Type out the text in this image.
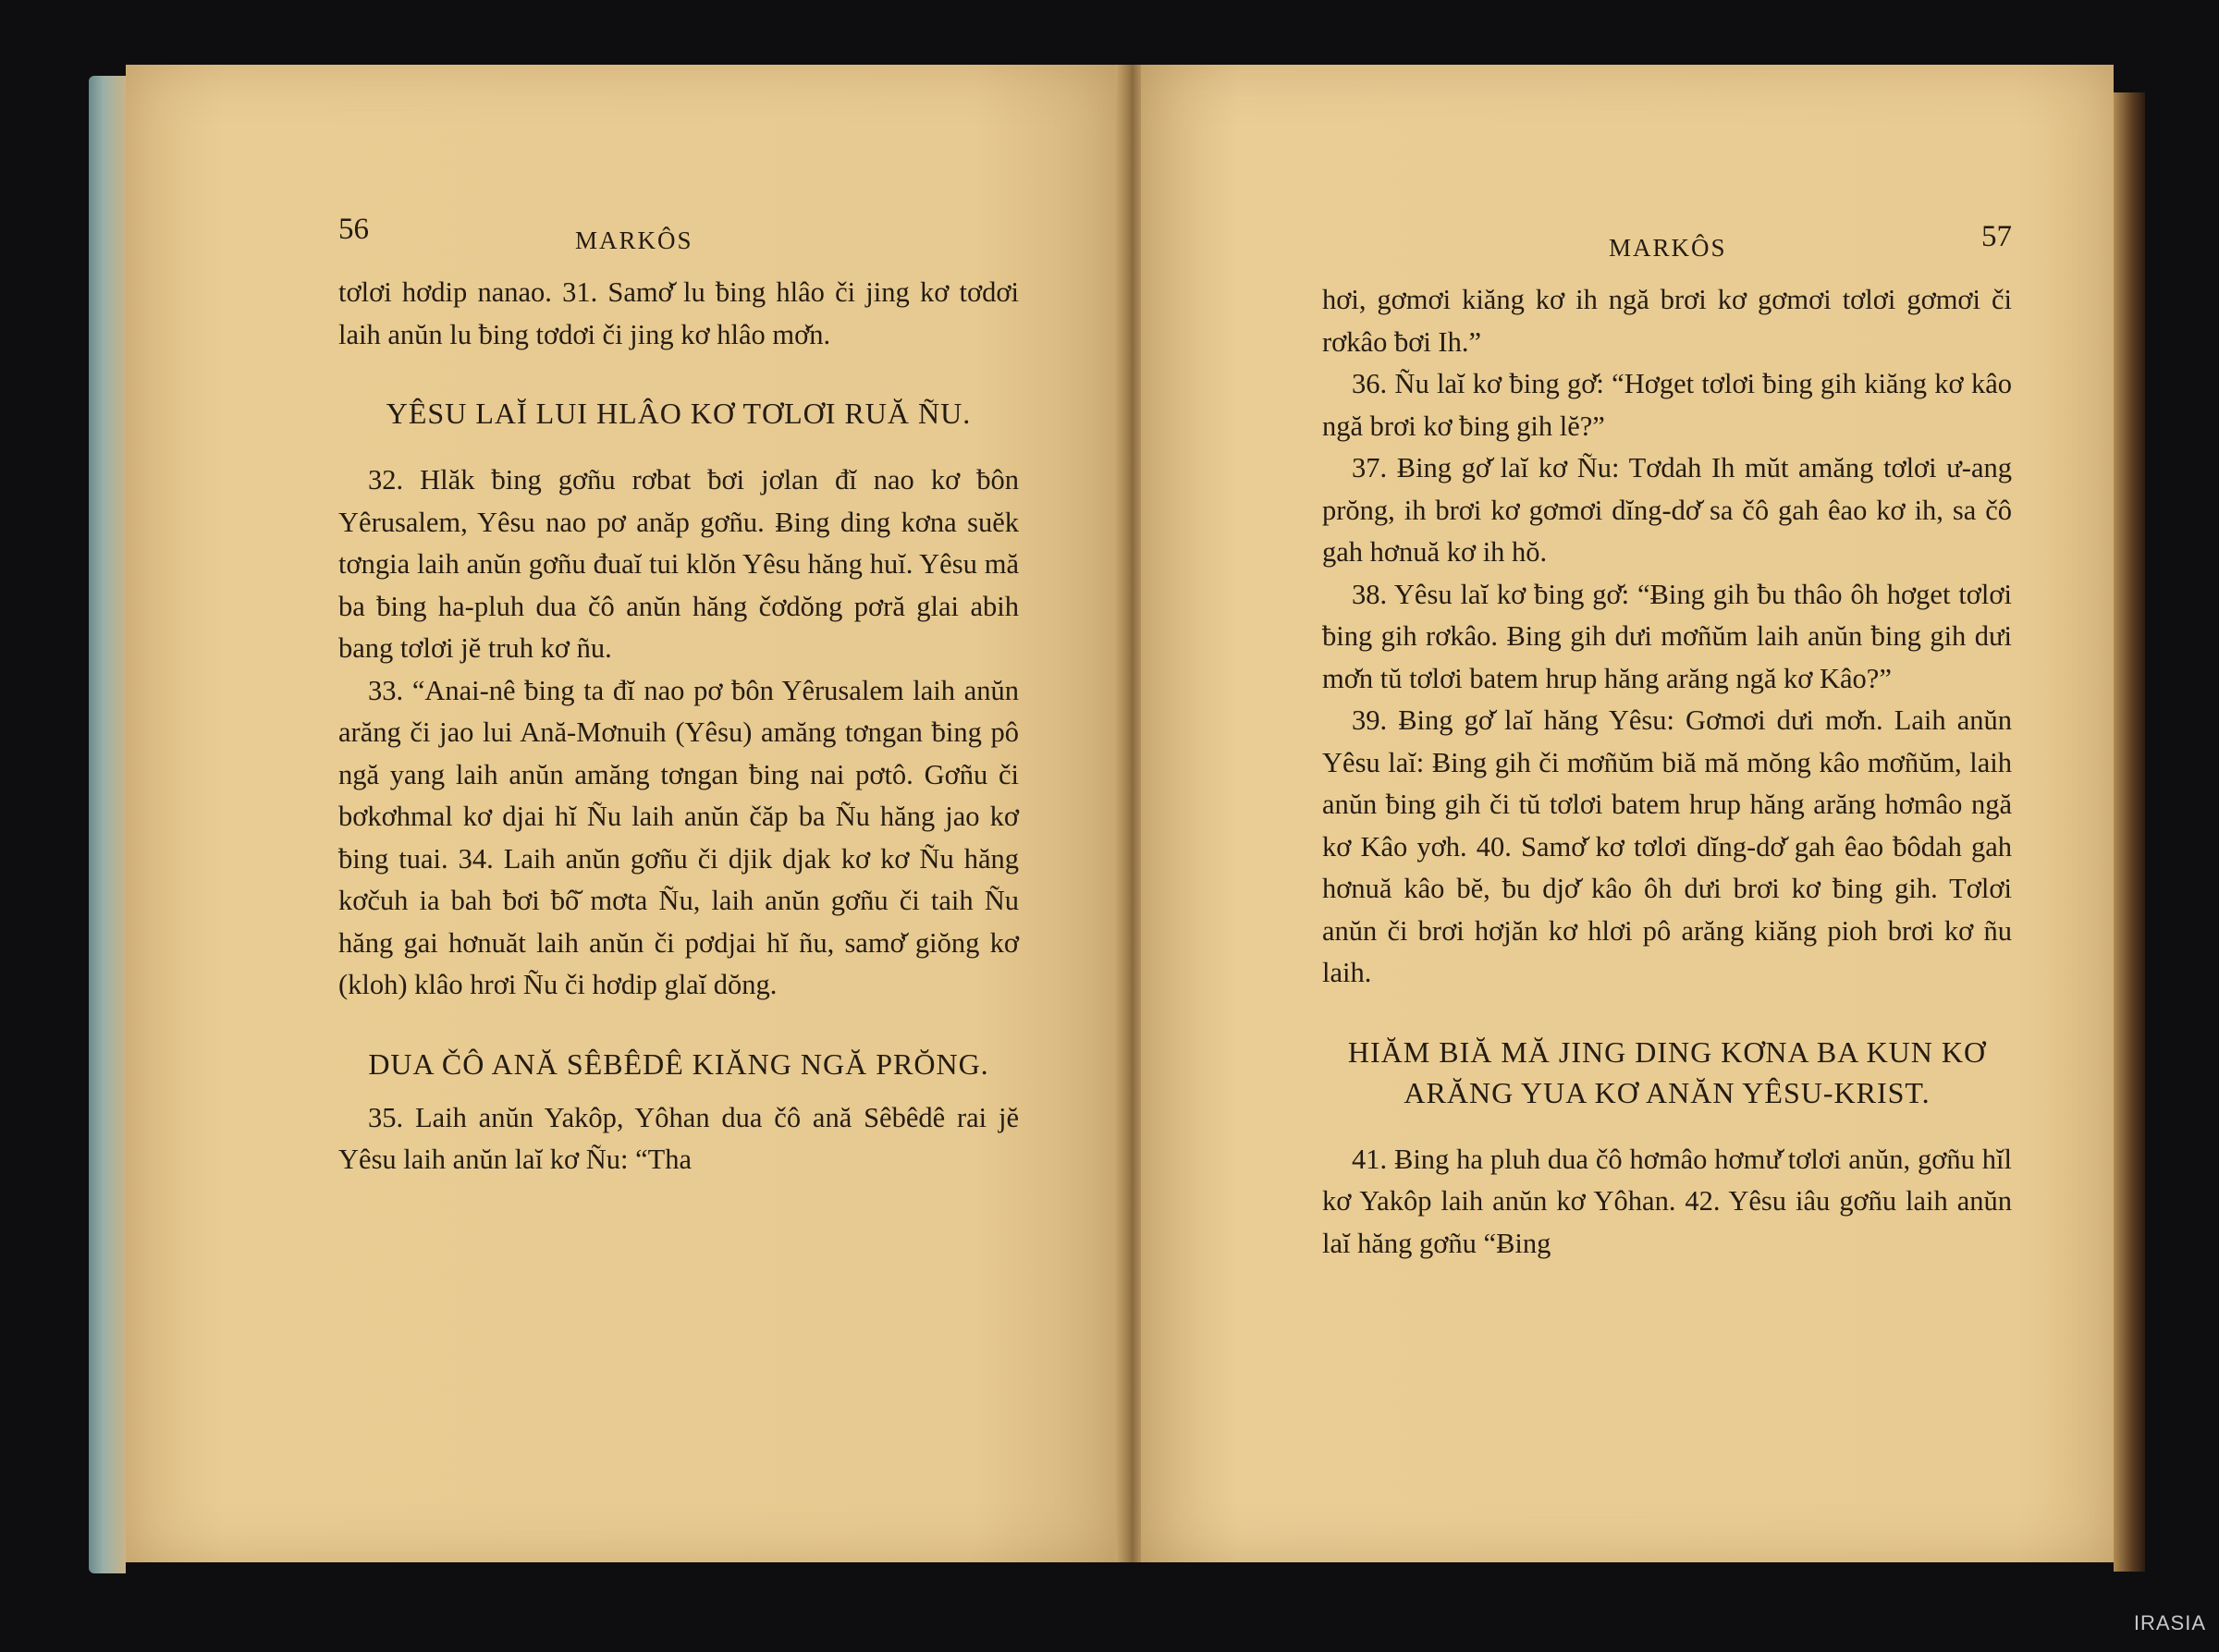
56	MARKÔS

tơlơi hơdip nanao. 31. Samơ̆ lu ƀing hlâo či jing kơ tơdơi laih anŭn lu ƀing tơdơi či jing kơ hlâo mơ̆n.

YÊSU LAĬ LUI HLÂO KƠ TƠLƠI RUĂ ÑU.

32. Hlăk ƀing gơñu rơbat ƀơi jơlan đĭ nao kơ ƀôn Yêrusalem, Yêsu nao pơ anăp gơñu. Ƀing ding kơna suĕk tơngia laih anŭn gơñu đuaĭ tui klŏn Yêsu hăng huĭ. Yêsu mă ba ƀing ha-pluh dua čô anŭn hăng čơdŏng pơră glai abih bang tơlơi jĕ truh kơ ñu.

33. “Anai-nê ƀing ta đĭ nao pơ ƀôn Yêrusalem laih anŭn arăng či jao lui Ană-Mơnuih (Yêsu) amăng tơngan ƀing pô ngă yang laih anŭn amăng tơngan ƀing nai pơtô. Gơñu či bơkơhmal kơ djai hĭ Ñu laih anŭn čăp ba Ñu hăng jao kơ ƀing tuai. 34. Laih anŭn gơñu či djik djak kơ kơ Ñu hăng kơčuh ia bah ƀơi ƀô̆ mơta Ñu, laih anŭn gơñu či taih Ñu hăng gai hơnuăt laih anŭn či pơdjai hĭ ñu, samơ̆ giŏng kơ (kloh) klâo hrơi Ñu či hơdip glaĭ dŏng.

DUA ČÔ ANĂ SÊBÊDÊ KIĂNG NGĂ PRŎNG.

35. Laih anŭn Yakôp, Yôhan dua čô ană Sêbêdê rai jĕ Yêsu laih anŭn laĭ kơ Ñu: “Tha

MARKÔS	57

hơi, gơmơi kiăng kơ ih ngă brơi kơ gơmơi tơlơi gơmơi či rơkâo ƀơi Ih.”

36. Ñu laĭ kơ ƀing gơ̆: “Hơget tơlơi ƀing gih kiăng kơ kâo ngă brơi kơ ƀing gih lĕ?”

37. Ƀing gơ̆ laĭ kơ Ñu: Tơdah Ih mŭt amăng tơlơi ư-ang prŏng, ih brơi kơ gơmơi dĭng-dơ̆ sa čô gah êao kơ ih, sa čô gah hơnuă kơ ih hŏ.

38. Yêsu laĭ kơ ƀing gơ̆: “Ƀing gih ƀu thâo ôh hơget tơlơi ƀing gih rơkâo. Ƀing gih dưi mơñŭm laih anŭn ƀing gih dưi mơ̆n tŭ tơlơi batem hrup hăng arăng ngă kơ Kâo?”

39. Ƀing gơ̆ laĭ hăng Yêsu: Gơmơi dưi mơ̆n. Laih anŭn Yêsu laĭ: Ƀing gih či mơñŭm biă mă mŏng kâo mơñŭm, laih anŭn ƀing gih či tŭ tơlơi batem hrup hăng arăng hơmâo ngă kơ Kâo yơh. 40. Samơ̆ kơ tơlơi dĭng-dơ̆ gah êao ƀôdah gah hơnuă kâo bĕ, ƀu djơ̆ kâo ôh dưi brơi kơ ƀing gih. Tơlơi anŭn či brơi hơjăn kơ hlơi pô arăng kiăng pioh brơi kơ ñu laih.

HIĂM BIĂ MĂ JING DING KƠNA BA KUN KƠ ARĂNG YUA KƠ ANĂN YÊSU-KRIST.

41. Ƀing ha pluh dua čô hơmâo hơmư̆ tơlơi anŭn, gơñu hĭl kơ Yakôp laih anŭn kơ Yôhan. 42. Yêsu iâu gơñu laih anŭn laĭ hăng gơñu “Ƀing

IRASIA
